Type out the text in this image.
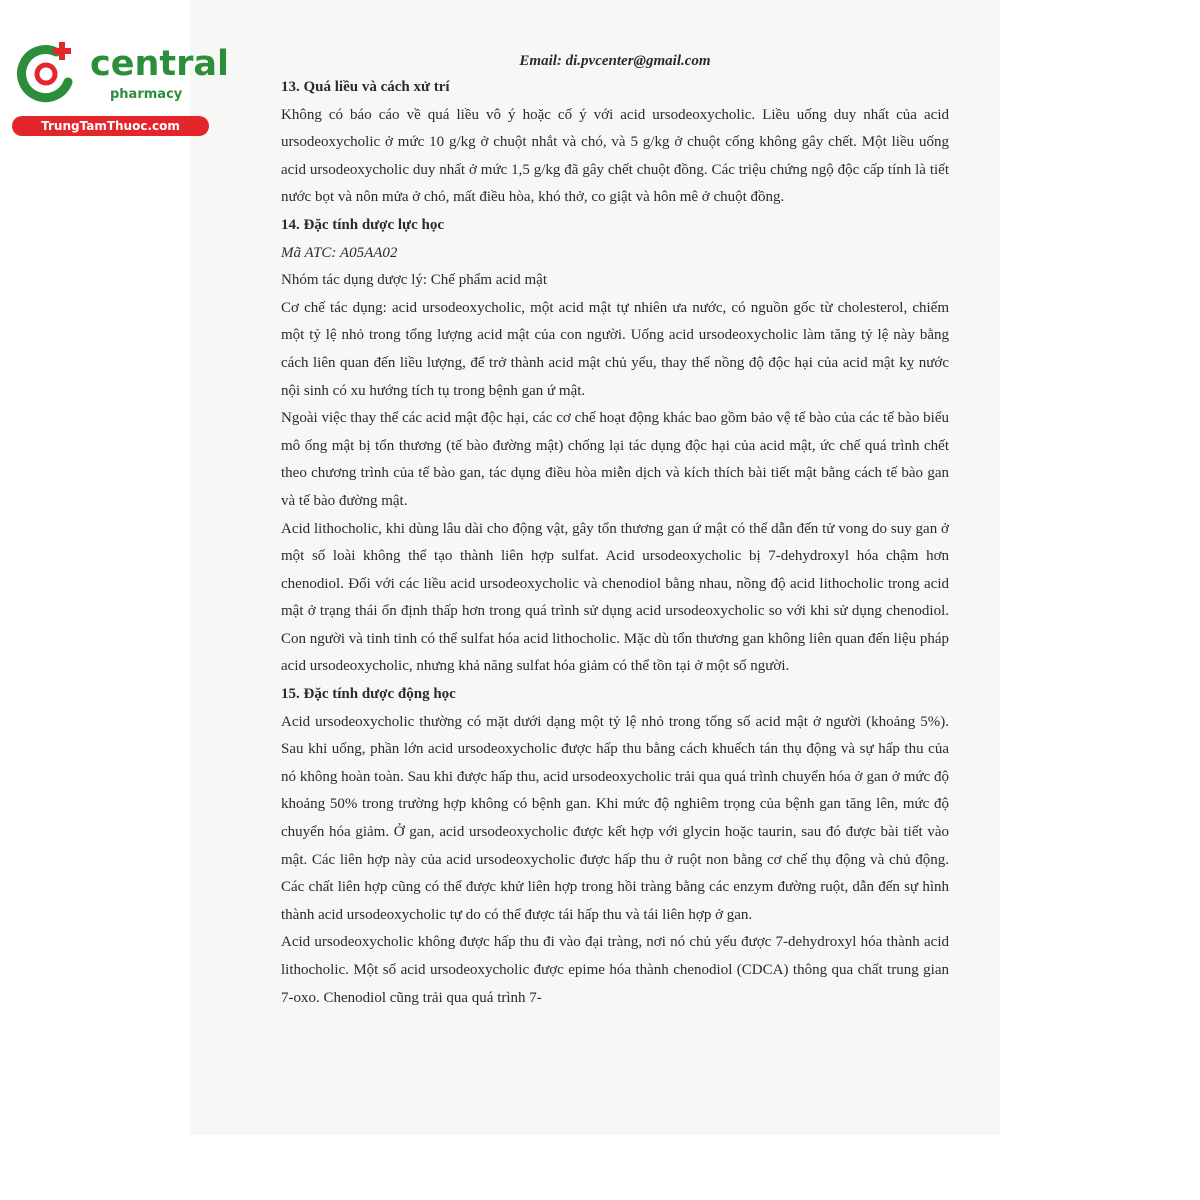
central
pharmacy
TrungTamThuoc.com
Email: di.pvcenter@gmail.com

13. Quá liều và cách xử trí

Không có báo cáo về quá liều vô ý hoặc cố ý với acid ursodeoxycholic. Liều uống duy nhất của acid ursodeoxycholic ở mức 10 g/kg ở chuột nhắt và chó, và 5 g/kg ở chuột cống không gây chết. Một liều uống acid ursodeoxycholic duy nhất ở mức 1,5 g/kg đã gây chết chuột đồng. Các triệu chứng ngộ độc cấp tính là tiết nước bọt và nôn mửa ở chó, mất điều hòa, khó thở, co giật và hôn mê ở chuột đồng.

14. Đặc tính dược lực học

Mã ATC: A05AA02

Nhóm tác dụng dược lý: Chế phẩm acid mật

Cơ chế tác dụng: acid ursodeoxycholic, một acid mật tự nhiên ưa nước, có nguồn gốc từ cholesterol, chiếm một tỷ lệ nhỏ trong tổng lượng acid mật của con người. Uống acid ursodeoxycholic làm tăng tỷ lệ này bằng cách liên quan đến liều lượng, để trở thành acid mật chủ yếu, thay thế nồng độ độc hại của acid mật kỵ nước nội sinh có xu hướng tích tụ trong bệnh gan ứ mật.

Ngoài việc thay thế các acid mật độc hại, các cơ chế hoạt động khác bao gồm bảo vệ tế bào của các tế bào biểu mô ống mật bị tổn thương (tế bào đường mật) chống lại tác dụng độc hại của acid mật, ức chế quá trình chết theo chương trình của tế bào gan, tác dụng điều hòa miễn dịch và kích thích bài tiết mật bằng cách tế bào gan và tế bào đường mật.

Acid lithocholic, khi dùng lâu dài cho động vật, gây tổn thương gan ứ mật có thể dẫn đến tử vong do suy gan ở một số loài không thể tạo thành liên hợp sulfat. Acid ursodeoxycholic bị 7-dehydroxyl hóa chậm hơn chenodiol. Đối với các liều acid ursodeoxycholic và chenodiol bằng nhau, nồng độ acid lithocholic trong acid mật ở trạng thái ổn định thấp hơn trong quá trình sử dụng acid ursodeoxycholic so với khi sử dụng chenodiol. Con người và tinh tinh có thể sulfat hóa acid lithocholic. Mặc dù tổn thương gan không liên quan đến liệu pháp acid ursodeoxycholic, nhưng khả năng sulfat hóa giảm có thể tồn tại ở một số người.

15. Đặc tính dược động học

Acid ursodeoxycholic thường có mặt dưới dạng một tỷ lệ nhỏ trong tổng số acid mật ở người (khoảng 5%). Sau khi uống, phần lớn acid ursodeoxycholic được hấp thu bằng cách khuếch tán thụ động và sự hấp thu của nó không hoàn toàn. Sau khi được hấp thu, acid ursodeoxycholic trải qua quá trình chuyển hóa ở gan ở mức độ khoảng 50% trong trường hợp không có bệnh gan. Khi mức độ nghiêm trọng của bệnh gan tăng lên, mức độ chuyển hóa giảm. Ở gan, acid ursodeoxycholic được kết hợp với glycin hoặc taurin, sau đó được bài tiết vào mật. Các liên hợp này của acid ursodeoxycholic được hấp thu ở ruột non bằng cơ chế thụ động và chủ động. Các chất liên hợp cũng có thể được khử liên hợp trong hồi tràng bằng các enzym đường ruột, dẫn đến sự hình thành acid ursodeoxycholic tự do có thể được tái hấp thu và tái liên hợp ở gan.

Acid ursodeoxycholic không được hấp thu đi vào đại tràng, nơi nó chủ yếu được 7-dehydroxyl hóa thành acid lithocholic. Một số acid ursodeoxycholic được epime hóa thành chenodiol (CDCA) thông qua chất trung gian 7-oxo. Chenodiol cũng trải qua quá trình 7-
